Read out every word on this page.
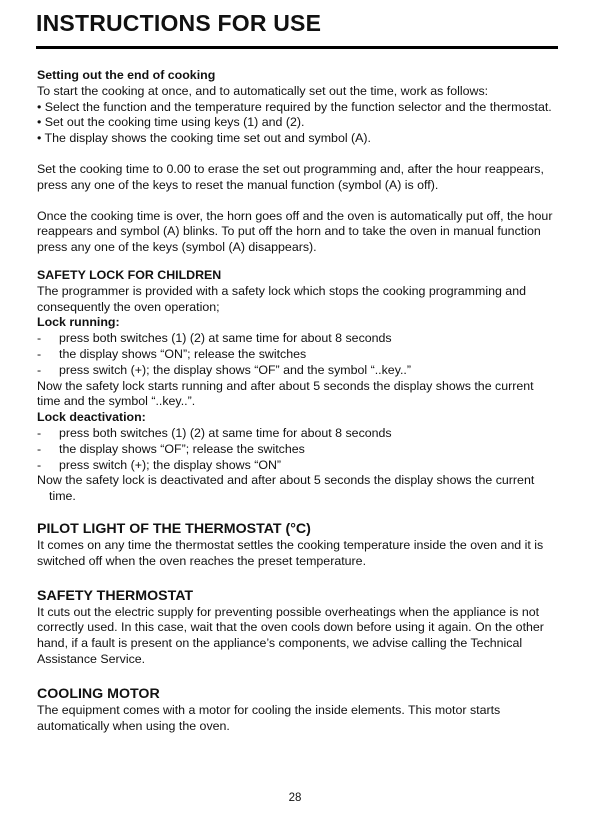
INSTRUCTIONS FOR USE

Setting out the end of cooking

To start the cooking at once, and to automatically set out the time, work as follows:

• Select the function and the temperature required by the function selector and the thermostat.

• Set out the cooking time using keys (1) and (2).

• The display shows the cooking time set out and symbol (A).

Set the cooking time to 0.00 to erase the set out programming and, after the hour reappears, press any one of the keys to reset the manual function (symbol (A) is off).

Once the cooking time is over, the horn goes off and the oven is automatically put off, the hour reappears and symbol (A) blinks. To put off the horn and to take the oven in manual function press any one of the keys (symbol (A) disappears).

SAFETY LOCK FOR CHILDREN

The programmer is provided with a safety lock which stops the cooking programming and consequently the oven operation;

Lock running:

-	press both switches (1) (2) at same time for about 8 seconds
-	the display shows “ON”; release the switches
-	press switch (+); the display shows “OF” and the symbol “..key..”

Now the safety lock starts running and after about 5 seconds the display shows the current time and the symbol “..key..”.

Lock deactivation:

-	press both switches (1) (2) at same time for about 8 seconds
-	the display shows “OF”; release the switches
-	press switch (+); the display shows “ON”

Now the safety lock is deactivated and after about 5 seconds the display shows the current time.

PILOT LIGHT OF THE THERMOSTAT (°C)

It comes on any time the thermostat settles the cooking temperature inside the oven and it is switched off when the oven reaches the preset temperature.

SAFETY THERMOSTAT

It cuts out the electric supply for preventing possible overheatings when the appliance is not correctly used. In this case, wait that the oven cools down before using it again. On the other hand, if a fault is present on the appliance’s components, we advise calling the Technical Assistance Service.

COOLING MOTOR

The equipment comes with a motor for cooling the inside elements. This motor starts automatically when using the oven.

28
